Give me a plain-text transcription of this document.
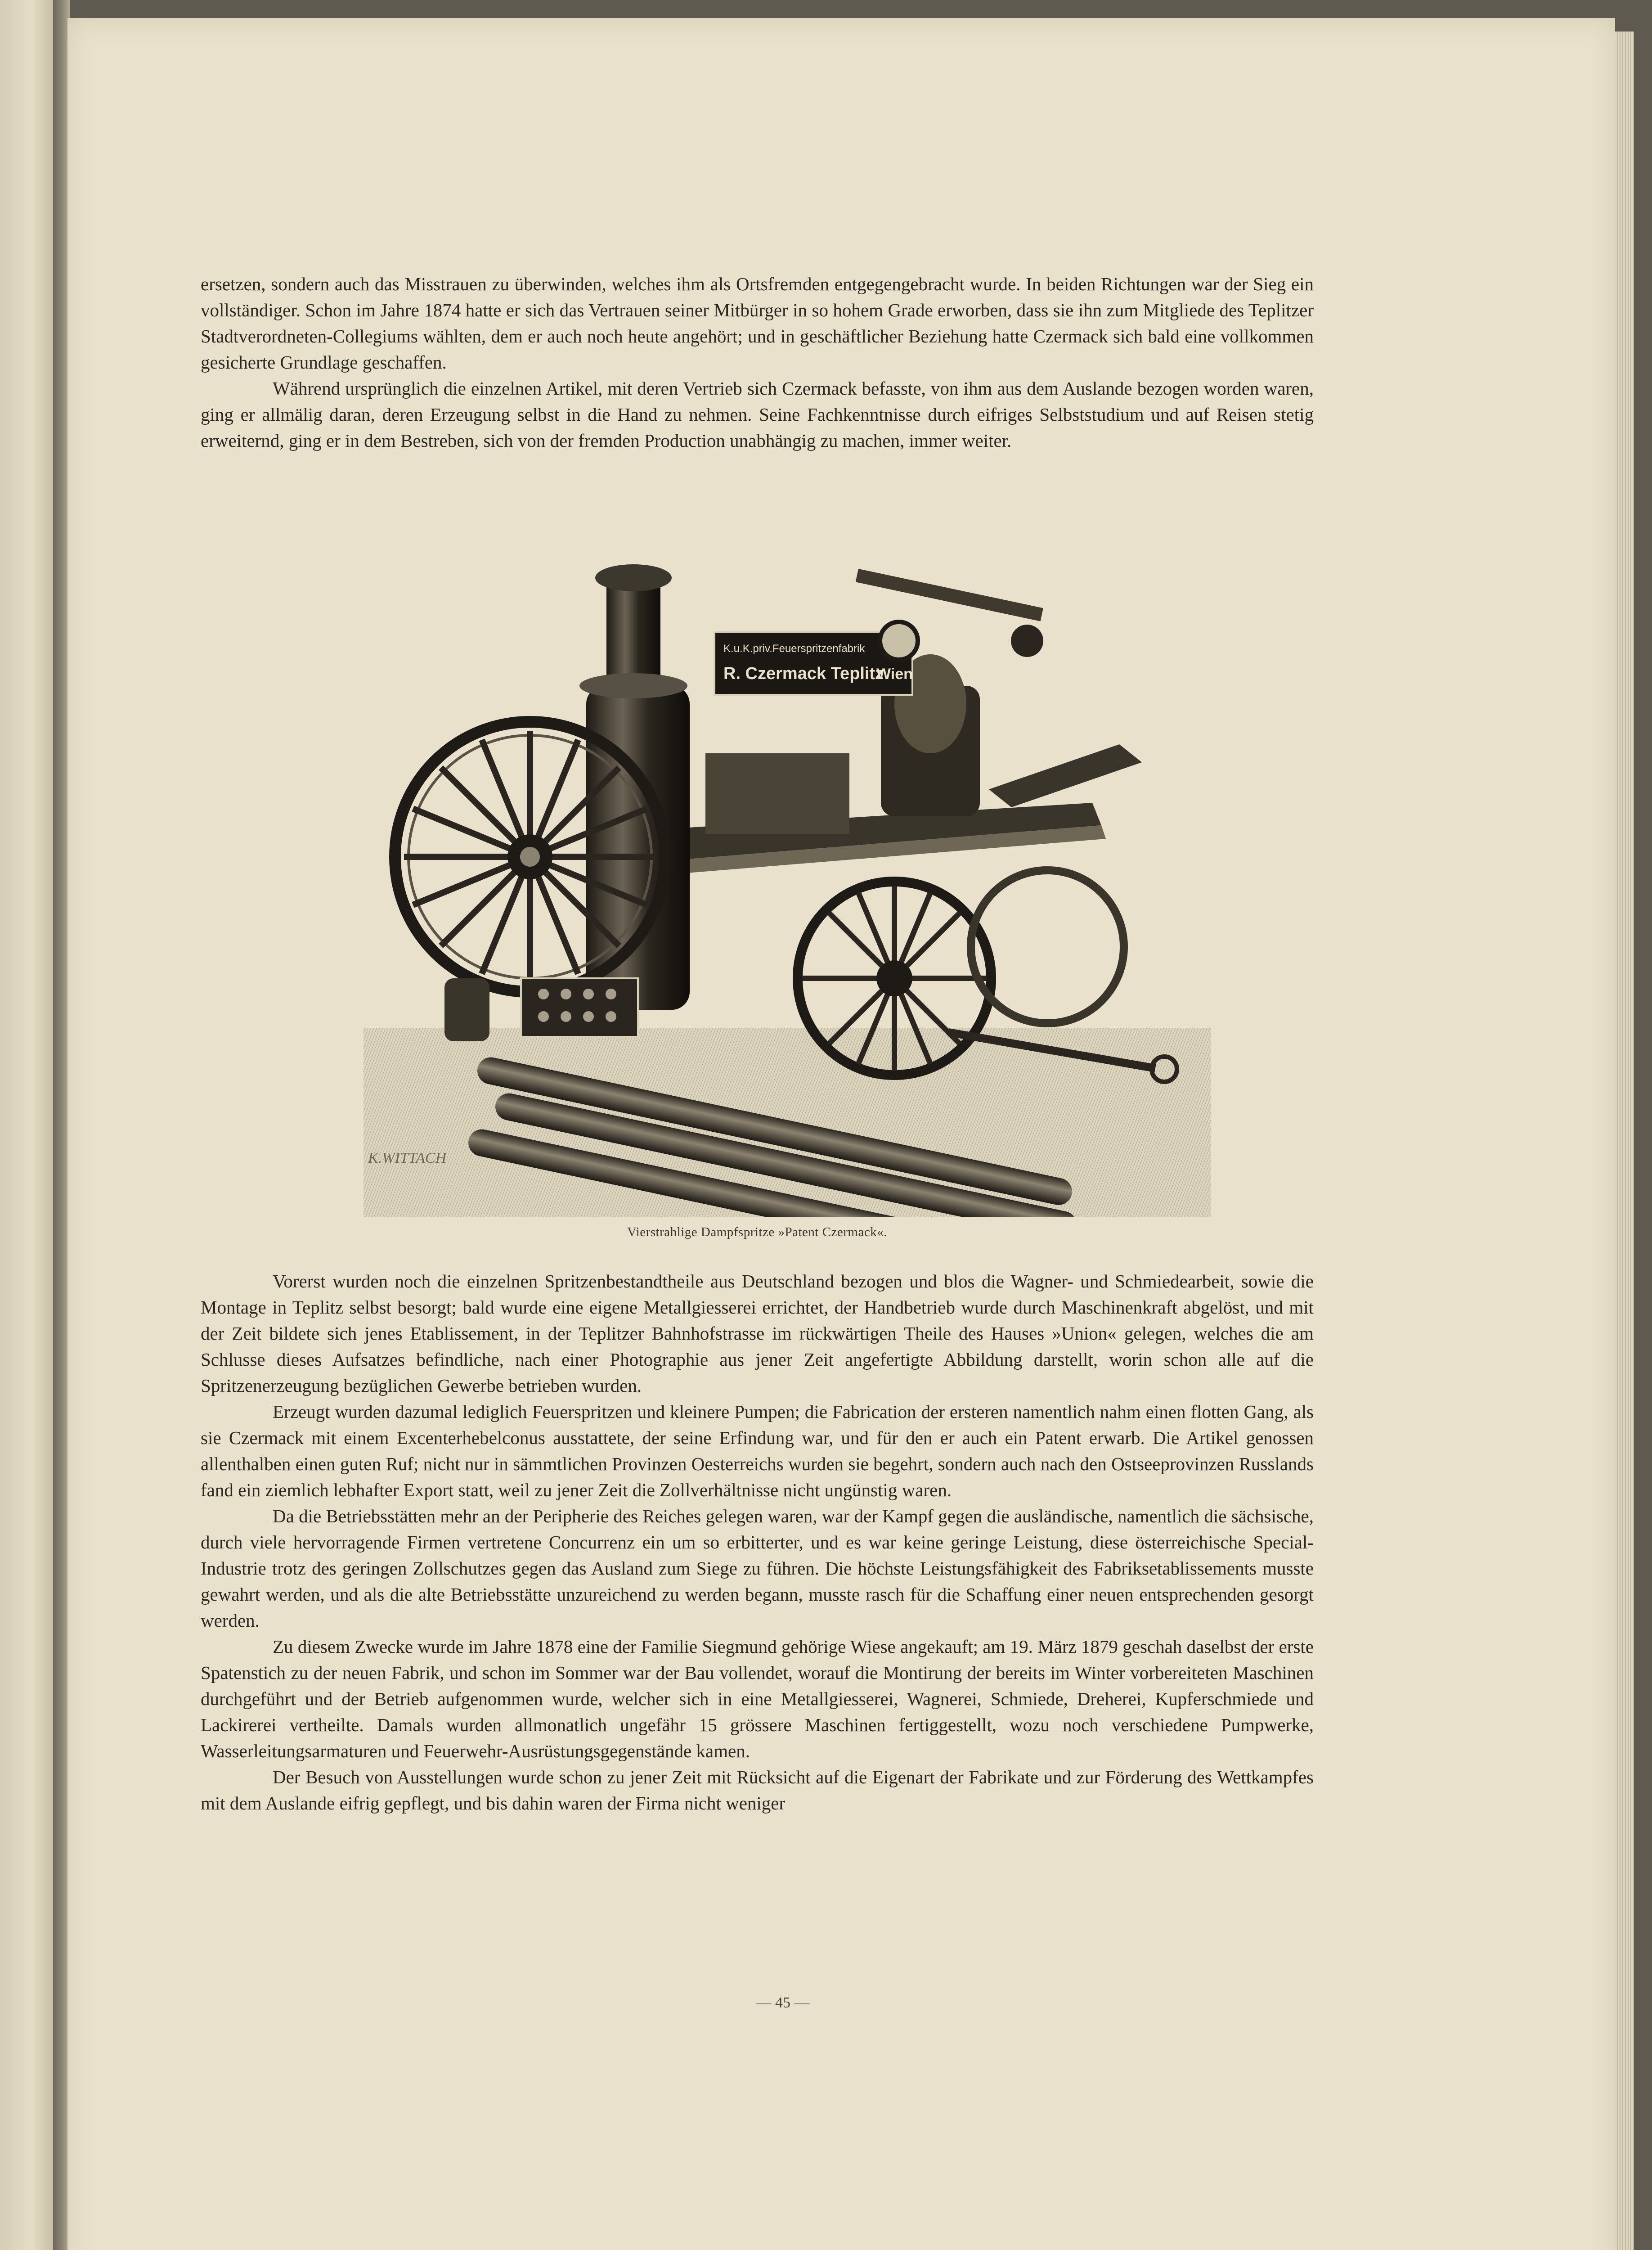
ersetzen, sondern auch das Misstrauen zu überwinden, welches ihm als Ortsfremden entgegengebracht wurde. In beiden Richtungen war der Sieg ein vollständiger. Schon im Jahre 1874 hatte er sich das Vertrauen seiner Mitbürger in so hohem Grade erworben, dass sie ihn zum Mitgliede des Teplitzer Stadtverordneten-Collegiums wählten, dem er auch noch heute angehört; und in geschäftlicher Beziehung hatte Czermack sich bald eine vollkommen gesicherte Grundlage geschaffen.

Während ursprünglich die einzelnen Artikel, mit deren Vertrieb sich Czermack befasste, von ihm aus dem Auslande bezogen worden waren, ging er allmälig daran, deren Erzeugung selbst in die Hand zu nehmen. Seine Fachkenntnisse durch eifriges Selbststudium und auf Reisen stetig erweiternd, ging er in dem Bestreben, sich von der fremden Production unabhängig zu machen, immer weiter.

K.u.K.priv.Feuerspritzenfabrik
R. Czermack Teplitz
Wien
K.WITTACH
Vierstrahlige Dampfspritze »Patent Czermack«.

Vorerst wurden noch die einzelnen Spritzenbestandtheile aus Deutschland bezogen und blos die Wagner- und Schmiedearbeit, sowie die Montage in Teplitz selbst besorgt; bald wurde eine eigene Metallgiesserei errichtet, der Handbetrieb wurde durch Maschinenkraft abgelöst, und mit der Zeit bildete sich jenes Etablissement, in der Teplitzer Bahnhofstrasse im rückwärtigen Theile des Hauses »Union« gelegen, welches die am Schlusse dieses Aufsatzes befindliche, nach einer Photographie aus jener Zeit angefertigte Abbildung darstellt, worin schon alle auf die Spritzenerzeugung bezüglichen Gewerbe betrieben wurden.

Erzeugt wurden dazumal lediglich Feuerspritzen und kleinere Pumpen; die Fabrication der ersteren namentlich nahm einen flotten Gang, als sie Czermack mit einem Excenterhebelconus ausstattete, der seine Erfindung war, und für den er auch ein Patent erwarb. Die Artikel genossen allenthalben einen guten Ruf; nicht nur in sämmtlichen Provinzen Oesterreichs wurden sie begehrt, sondern auch nach den Ostseeprovinzen Russlands fand ein ziemlich lebhafter Export statt, weil zu jener Zeit die Zollverhältnisse nicht ungünstig waren.

Da die Betriebsstätten mehr an der Peripherie des Reiches gelegen waren, war der Kampf gegen die ausländische, namentlich die sächsische, durch viele hervorragende Firmen vertretene Concurrenz ein um so erbitterter, und es war keine geringe Leistung, diese österreichische Special-Industrie trotz des geringen Zollschutzes gegen das Ausland zum Siege zu führen. Die höchste Leistungsfähigkeit des Fabriksetablissements musste gewahrt werden, und als die alte Betriebsstätte unzureichend zu werden begann, musste rasch für die Schaffung einer neuen entsprechenden gesorgt werden.

Zu diesem Zwecke wurde im Jahre 1878 eine der Familie Siegmund gehörige Wiese angekauft; am 19. März 1879 geschah daselbst der erste Spatenstich zu der neuen Fabrik, und schon im Sommer war der Bau vollendet, worauf die Montirung der bereits im Winter vorbereiteten Maschinen durchgeführt und der Betrieb aufgenommen wurde, welcher sich in eine Metallgiesserei, Wagnerei, Schmiede, Dreherei, Kupferschmiede und Lackirerei vertheilte. Damals wurden allmonatlich ungefähr 15 grössere Maschinen fertiggestellt, wozu noch verschiedene Pumpwerke, Wasserleitungsarmaturen und Feuerwehr-Ausrüstungsgegenstände kamen.

Der Besuch von Ausstellungen wurde schon zu jener Zeit mit Rücksicht auf die Eigenart der Fabrikate und zur Förderung des Wettkampfes mit dem Auslande eifrig gepflegt, und bis dahin waren der Firma nicht weniger

— 45 —
